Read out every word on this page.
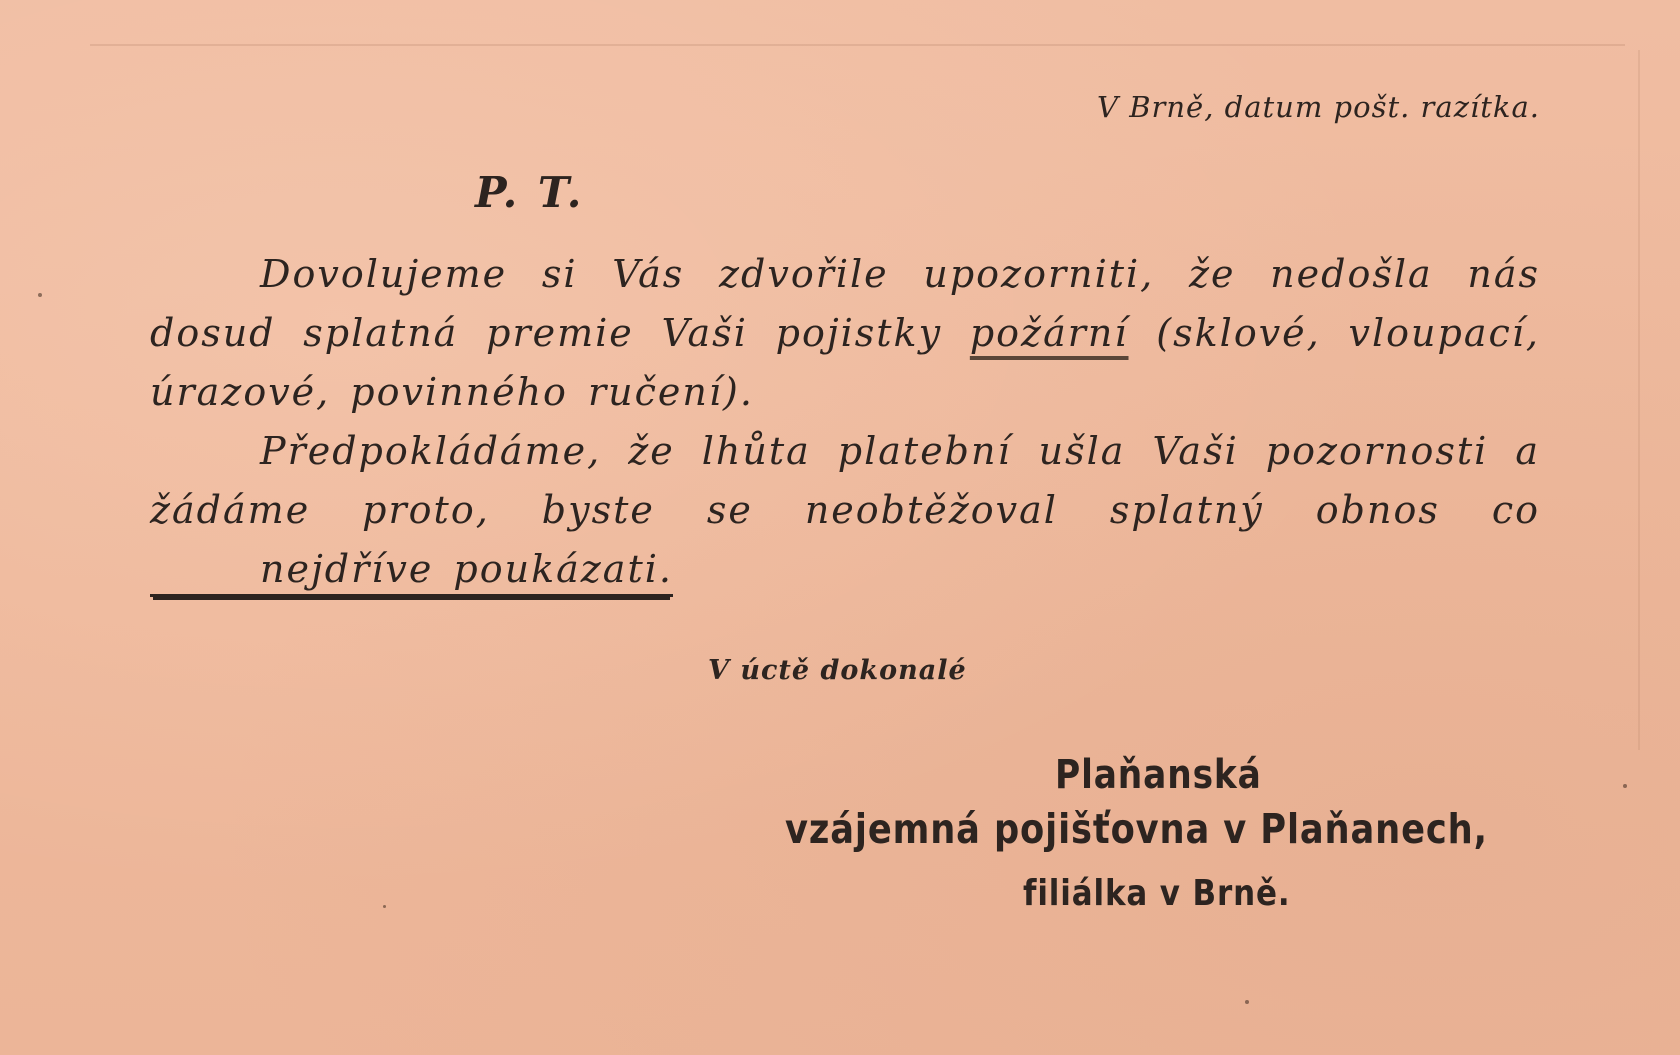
V Brně, datum pošt. razítka.
P. T.

Dovolujeme si Vás zdvořile upozorniti, že nedošla nás dosud splatná premie Vaši pojistky požární (sklové, vloupací, úrazové, povinného ručení).

Předpokládáme, že lhůta platební ušla Vaši pozornosti a žádáme proto, byste se neobtěžoval splatný obnos co nejdříve poukázati.

V úctě dokonalé
Plaňanská
vzájemná pojišťovna v Plaňanech,
filiálka v Brně.
